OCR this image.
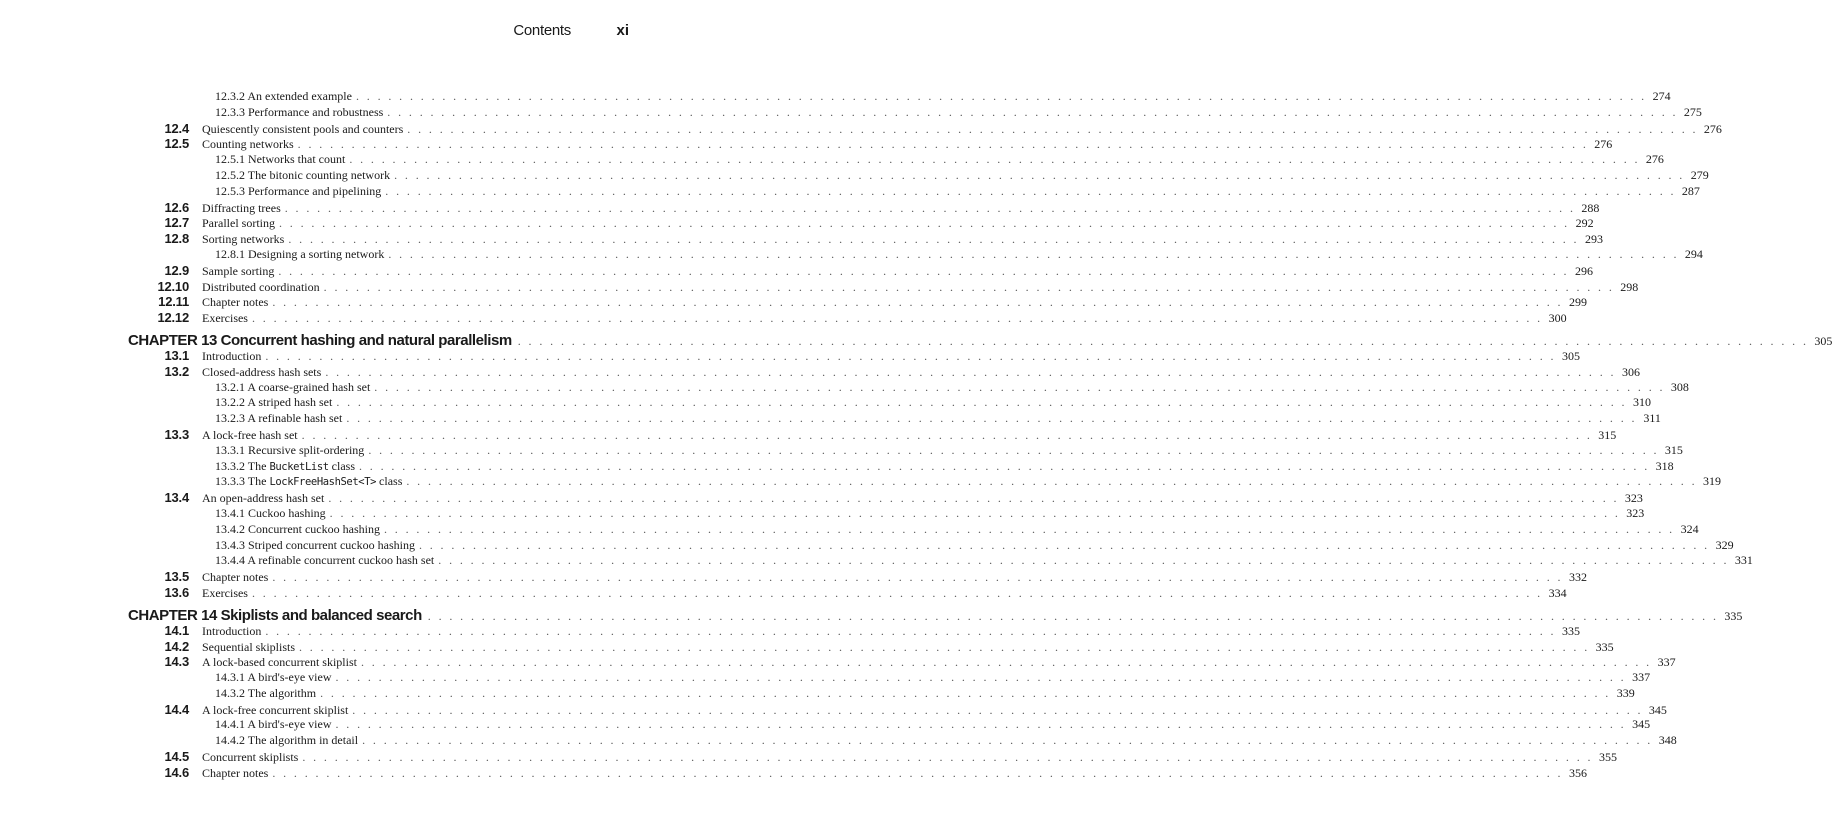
Contents	xi
12.3.2 An extended example . . . . . . . . . . . . . . . . . . . . . . . . . . . . . . . . . . . . . . . . . . . . . . . . . . . . . . . . . . . . . . . . . . . . . . . . . . . . . . . . . . . . . . . . . . . . . . . . . . . . . . . . . . . . . . . . . . . . . . . . 274
12.3.3 Performance and robustness . . . . . . . . . . . . . . . . . . . . . . . . . . . . . . . . . . . . . . . . . . . . . . . . . . . . . . . . . . . . . . . . . . . . . . . . . . . . . . . . . . . . . . . . . . . . . . . . . . . . . . . . . . . . . . . . . . . . . . . . 275
12.4	Quiescently consistent pools and counters . . . . . . . . . . . . . . . . . . . . . . . . . . . . . . . . . . . . . . . . . . . . . . . . . . . . . . . . . . . . . . . . . . . . . . . . . . . . . . . . . . . . . . . . . . . . . . . . . . . . . . . . . . . . . . . . . . . . . . . . 276
12.5	Counting networks . . . . . . . . . . . . . . . . . . . . . . . . . . . . . . . . . . . . . . . . . . . . . . . . . . . . . . . . . . . . . . . . . . . . . . . . . . . . . . . . . . . . . . . . . . . . . . . . . . . . . . . . . . . . . . . . . . . . . . . . 276
12.5.1 Networks that count . . . . . . . . . . . . . . . . . . . . . . . . . . . . . . . . . . . . . . . . . . . . . . . . . . . . . . . . . . . . . . . . . . . . . . . . . . . . . . . . . . . . . . . . . . . . . . . . . . . . . . . . . . . . . . . . . . . . . . . . 276
12.5.2 The bitonic counting network . . . . . . . . . . . . . . . . . . . . . . . . . . . . . . . . . . . . . . . . . . . . . . . . . . . . . . . . . . . . . . . . . . . . . . . . . . . . . . . . . . . . . . . . . . . . . . . . . . . . . . . . . . . . . . . . . . . . . . . . 279
12.5.3 Performance and pipelining . . . . . . . . . . . . . . . . . . . . . . . . . . . . . . . . . . . . . . . . . . . . . . . . . . . . . . . . . . . . . . . . . . . . . . . . . . . . . . . . . . . . . . . . . . . . . . . . . . . . . . . . . . . . . . . . . . . . . . . . 287
12.6	Diffracting trees . . . . . . . . . . . . . . . . . . . . . . . . . . . . . . . . . . . . . . . . . . . . . . . . . . . . . . . . . . . . . . . . . . . . . . . . . . . . . . . . . . . . . . . . . . . . . . . . . . . . . . . . . . . . . . . . . . . . . . . . 288
12.7	Parallel sorting . . . . . . . . . . . . . . . . . . . . . . . . . . . . . . . . . . . . . . . . . . . . . . . . . . . . . . . . . . . . . . . . . . . . . . . . . . . . . . . . . . . . . . . . . . . . . . . . . . . . . . . . . . . . . . . . . . . . . . . . 292
12.8	Sorting networks . . . . . . . . . . . . . . . . . . . . . . . . . . . . . . . . . . . . . . . . . . . . . . . . . . . . . . . . . . . . . . . . . . . . . . . . . . . . . . . . . . . . . . . . . . . . . . . . . . . . . . . . . . . . . . . . . . . . . . . . 293
12.8.1 Designing a sorting network . . . . . . . . . . . . . . . . . . . . . . . . . . . . . . . . . . . . . . . . . . . . . . . . . . . . . . . . . . . . . . . . . . . . . . . . . . . . . . . . . . . . . . . . . . . . . . . . . . . . . . . . . . . . . . . . . . . . . . . . 294
12.9	Sample sorting . . . . . . . . . . . . . . . . . . . . . . . . . . . . . . . . . . . . . . . . . . . . . . . . . . . . . . . . . . . . . . . . . . . . . . . . . . . . . . . . . . . . . . . . . . . . . . . . . . . . . . . . . . . . . . . . . . . . . . . . 296
12.10	Distributed coordination . . . . . . . . . . . . . . . . . . . . . . . . . . . . . . . . . . . . . . . . . . . . . . . . . . . . . . . . . . . . . . . . . . . . . . . . . . . . . . . . . . . . . . . . . . . . . . . . . . . . . . . . . . . . . . . . . . . . . . . . 298
12.11	Chapter notes . . . . . . . . . . . . . . . . . . . . . . . . . . . . . . . . . . . . . . . . . . . . . . . . . . . . . . . . . . . . . . . . . . . . . . . . . . . . . . . . . . . . . . . . . . . . . . . . . . . . . . . . . . . . . . . . . . . . . . . . 299
12.12	Exercises . . . . . . . . . . . . . . . . . . . . . . . . . . . . . . . . . . . . . . . . . . . . . . . . . . . . . . . . . . . . . . . . . . . . . . . . . . . . . . . . . . . . . . . . . . . . . . . . . . . . . . . . . . . . . . . . . . . . . . . . 300
CHAPTER 13 Concurrent hashing and natural parallelism . . . . . . . . . . . . . . . . . . . . . . . . . . . . . . . . . . . . . . . . . . . . . . . . . . . . . . . . . . . . . . . . . . . . . . . . . . . . . . . . . . . . . . . . . . . . . . . . . . . . . . . . . . . . . . . . . . . . . . . . 305
13.1	Introduction . . . . . . . . . . . . . . . . . . . . . . . . . . . . . . . . . . . . . . . . . . . . . . . . . . . . . . . . . . . . . . . . . . . . . . . . . . . . . . . . . . . . . . . . . . . . . . . . . . . . . . . . . . . . . . . . . . . . . . . . 305
13.2	Closed-address hash sets . . . . . . . . . . . . . . . . . . . . . . . . . . . . . . . . . . . . . . . . . . . . . . . . . . . . . . . . . . . . . . . . . . . . . . . . . . . . . . . . . . . . . . . . . . . . . . . . . . . . . . . . . . . . . . . . . . . . . . . . 306
13.2.1 A coarse-grained hash set . . . . . . . . . . . . . . . . . . . . . . . . . . . . . . . . . . . . . . . . . . . . . . . . . . . . . . . . . . . . . . . . . . . . . . . . . . . . . . . . . . . . . . . . . . . . . . . . . . . . . . . . . . . . . . . . . . . . . . . . 308
13.2.2 A striped hash set . . . . . . . . . . . . . . . . . . . . . . . . . . . . . . . . . . . . . . . . . . . . . . . . . . . . . . . . . . . . . . . . . . . . . . . . . . . . . . . . . . . . . . . . . . . . . . . . . . . . . . . . . . . . . . . . . . . . . . . . 310
13.2.3 A refinable hash set . . . . . . . . . . . . . . . . . . . . . . . . . . . . . . . . . . . . . . . . . . . . . . . . . . . . . . . . . . . . . . . . . . . . . . . . . . . . . . . . . . . . . . . . . . . . . . . . . . . . . . . . . . . . . . . . . . . . . . . . 311
13.3	A lock-free hash set . . . . . . . . . . . . . . . . . . . . . . . . . . . . . . . . . . . . . . . . . . . . . . . . . . . . . . . . . . . . . . . . . . . . . . . . . . . . . . . . . . . . . . . . . . . . . . . . . . . . . . . . . . . . . . . . . . . . . . . . 315
13.3.1 Recursive split-ordering . . . . . . . . . . . . . . . . . . . . . . . . . . . . . . . . . . . . . . . . . . . . . . . . . . . . . . . . . . . . . . . . . . . . . . . . . . . . . . . . . . . . . . . . . . . . . . . . . . . . . . . . . . . . . . . . . . . . . . . . 315
13.3.2 The BucketList class . . . . . . . . . . . . . . . . . . . . . . . . . . . . . . . . . . . . . . . . . . . . . . . . . . . . . . . . . . . . . . . . . . . . . . . . . . . . . . . . . . . . . . . . . . . . . . . . . . . . . . . . . . . . . . . . . . . . . . . . 318
13.3.3 The LockFreeHashSet<T> class . . . . . . . . . . . . . . . . . . . . . . . . . . . . . . . . . . . . . . . . . . . . . . . . . . . . . . . . . . . . . . . . . . . . . . . . . . . . . . . . . . . . . . . . . . . . . . . . . . . . . . . . . . . . . . . . . . . . . . . . 319
13.4	An open-address hash set . . . . . . . . . . . . . . . . . . . . . . . . . . . . . . . . . . . . . . . . . . . . . . . . . . . . . . . . . . . . . . . . . . . . . . . . . . . . . . . . . . . . . . . . . . . . . . . . . . . . . . . . . . . . . . . . . . . . . . . . 323
13.4.1 Cuckoo hashing . . . . . . . . . . . . . . . . . . . . . . . . . . . . . . . . . . . . . . . . . . . . . . . . . . . . . . . . . . . . . . . . . . . . . . . . . . . . . . . . . . . . . . . . . . . . . . . . . . . . . . . . . . . . . . . . . . . . . . . . 323
13.4.2 Concurrent cuckoo hashing . . . . . . . . . . . . . . . . . . . . . . . . . . . . . . . . . . . . . . . . . . . . . . . . . . . . . . . . . . . . . . . . . . . . . . . . . . . . . . . . . . . . . . . . . . . . . . . . . . . . . . . . . . . . . . . . . . . . . . . . 324
13.4.3 Striped concurrent cuckoo hashing . . . . . . . . . . . . . . . . . . . . . . . . . . . . . . . . . . . . . . . . . . . . . . . . . . . . . . . . . . . . . . . . . . . . . . . . . . . . . . . . . . . . . . . . . . . . . . . . . . . . . . . . . . . . . . . . . . . . . . . . 329
13.4.4 A refinable concurrent cuckoo hash set . . . . . . . . . . . . . . . . . . . . . . . . . . . . . . . . . . . . . . . . . . . . . . . . . . . . . . . . . . . . . . . . . . . . . . . . . . . . . . . . . . . . . . . . . . . . . . . . . . . . . . . . . . . . . . . . . . . . . . . . 331
13.5	Chapter notes . . . . . . . . . . . . . . . . . . . . . . . . . . . . . . . . . . . . . . . . . . . . . . . . . . . . . . . . . . . . . . . . . . . . . . . . . . . . . . . . . . . . . . . . . . . . . . . . . . . . . . . . . . . . . . . . . . . . . . . . 332
13.6	Exercises . . . . . . . . . . . . . . . . . . . . . . . . . . . . . . . . . . . . . . . . . . . . . . . . . . . . . . . . . . . . . . . . . . . . . . . . . . . . . . . . . . . . . . . . . . . . . . . . . . . . . . . . . . . . . . . . . . . . . . . . 334
CHAPTER 14 Skiplists and balanced search . . . . . . . . . . . . . . . . . . . . . . . . . . . . . . . . . . . . . . . . . . . . . . . . . . . . . . . . . . . . . . . . . . . . . . . . . . . . . . . . . . . . . . . . . . . . . . . . . . . . . . . . . . . . . . . . . . . . . . . . 335
14.1	Introduction . . . . . . . . . . . . . . . . . . . . . . . . . . . . . . . . . . . . . . . . . . . . . . . . . . . . . . . . . . . . . . . . . . . . . . . . . . . . . . . . . . . . . . . . . . . . . . . . . . . . . . . . . . . . . . . . . . . . . . . . 335
14.2	Sequential skiplists . . . . . . . . . . . . . . . . . . . . . . . . . . . . . . . . . . . . . . . . . . . . . . . . . . . . . . . . . . . . . . . . . . . . . . . . . . . . . . . . . . . . . . . . . . . . . . . . . . . . . . . . . . . . . . . . . . . . . . . . 335
14.3	A lock-based concurrent skiplist . . . . . . . . . . . . . . . . . . . . . . . . . . . . . . . . . . . . . . . . . . . . . . . . . . . . . . . . . . . . . . . . . . . . . . . . . . . . . . . . . . . . . . . . . . . . . . . . . . . . . . . . . . . . . . . . . . . . . . . . 337
14.3.1 A bird's-eye view . . . . . . . . . . . . . . . . . . . . . . . . . . . . . . . . . . . . . . . . . . . . . . . . . . . . . . . . . . . . . . . . . . . . . . . . . . . . . . . . . . . . . . . . . . . . . . . . . . . . . . . . . . . . . . . . . . . . . . . . 337
14.3.2 The algorithm . . . . . . . . . . . . . . . . . . . . . . . . . . . . . . . . . . . . . . . . . . . . . . . . . . . . . . . . . . . . . . . . . . . . . . . . . . . . . . . . . . . . . . . . . . . . . . . . . . . . . . . . . . . . . . . . . . . . . . . . 339
14.4	A lock-free concurrent skiplist . . . . . . . . . . . . . . . . . . . . . . . . . . . . . . . . . . . . . . . . . . . . . . . . . . . . . . . . . . . . . . . . . . . . . . . . . . . . . . . . . . . . . . . . . . . . . . . . . . . . . . . . . . . . . . . . . . . . . . . . 345
14.4.1 A bird's-eye view . . . . . . . . . . . . . . . . . . . . . . . . . . . . . . . . . . . . . . . . . . . . . . . . . . . . . . . . . . . . . . . . . . . . . . . . . . . . . . . . . . . . . . . . . . . . . . . . . . . . . . . . . . . . . . . . . . . . . . . . 345
14.4.2 The algorithm in detail . . . . . . . . . . . . . . . . . . . . . . . . . . . . . . . . . . . . . . . . . . . . . . . . . . . . . . . . . . . . . . . . . . . . . . . . . . . . . . . . . . . . . . . . . . . . . . . . . . . . . . . . . . . . . . . . . . . . . . . . 348
14.5	Concurrent skiplists . . . . . . . . . . . . . . . . . . . . . . . . . . . . . . . . . . . . . . . . . . . . . . . . . . . . . . . . . . . . . . . . . . . . . . . . . . . . . . . . . . . . . . . . . . . . . . . . . . . . . . . . . . . . . . . . . . . . . . . . 355
14.6	Chapter notes . . . . . . . . . . . . . . . . . . . . . . . . . . . . . . . . . . . . . . . . . . . . . . . . . . . . . . . . . . . . . . . . . . . . . . . . . . . . . . . . . . . . . . . . . . . . . . . . . . . . . . . . . . . . . . . . . . . . . . . . 356
